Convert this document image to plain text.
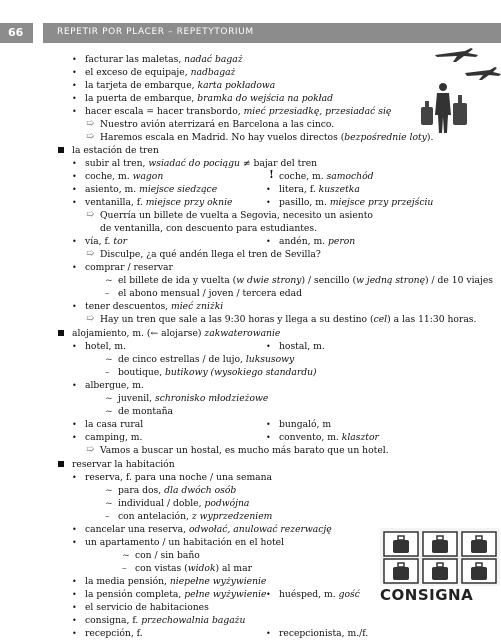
66	REPETIR POR PLACER – REPETYTORIUM
CONSIGNA
• facturar las maletas, nadać bagaż
• el exceso de equipaje, nadbagaż
• la tarjeta de embarque, karta pokładowa
• la puerta de embarque, bramka do wejścia na pokład
• hacer escala = hacer transbordo, mieć przesiadkę, przesiadać się
➯ Nuestro avión aterrizará en Barcelona a las cinco.
➯ Haremos escala en Madrid. No hay vuelos directos (bezpośrednie loty).
la estación de tren
• subir al tren, wsiadać do pociągu ≠ bajar del tren
• coche, m. wagon	! coche, m. samochód
• asiento, m. miejsce siedzące	• litera, f. kuszetka
• ventanilla, f. miejsce przy oknie	• pasillo, m. miejsce przy przejściu
➯ Querría un billete de vuelta a Segovia, necesito un asiento
de ventanilla, con descuento para estudiantes.
• vía, f. tor	• andén, m. peron
➯ Disculpe, ¿a qué andén llega el tren de Sevilla?
• comprar / reservar
~ el billete de ida y vuelta (w dwie strony) / sencillo (w jedną stronę) / de 10 viajes
– el abono mensual / joven / tercera edad
• tener descuentos, mieć zniżki
➯ Hay un tren que sale a las 9:30 horas y llega a su destino (cel) a las 11:30 horas.
alojamiento, m. (← alojarse) zakwaterowanie
• hotel, m.	• hostal, m.
~ de cinco estrellas / de lujo, luksusowy
– boutique, butikowy (wysokiego standardu)
• albergue, m.
~ juvenil, schronisko młodzieżowe
~ de montaña
• la casa rural	• bungaló, m
• camping, m.	• convento, m. klasztor
➯ Vamos a buscar un hostal, es mucho más barato que un hotel.
reservar la habitación
• reserva, f. para una noche / una semana
~ para dos, dla dwóch osób
~ individual / doble, podwójna
– con antelación, z wyprzedzeniem
• cancelar una reserva, odwołać, anulować rezerwację
• un apartamento / un habitación en el hotel
~ con / sin baño
– con vistas (widok) al mar
• la media pensión, niepełne wyżywienie
• la pensión completa, pełne wyżywienie • huésped, m. gość
• el servicio de habitaciones
• consigna, f. przechowalnia bagażu
• recepción, f.	• recepcionista, m./f.
